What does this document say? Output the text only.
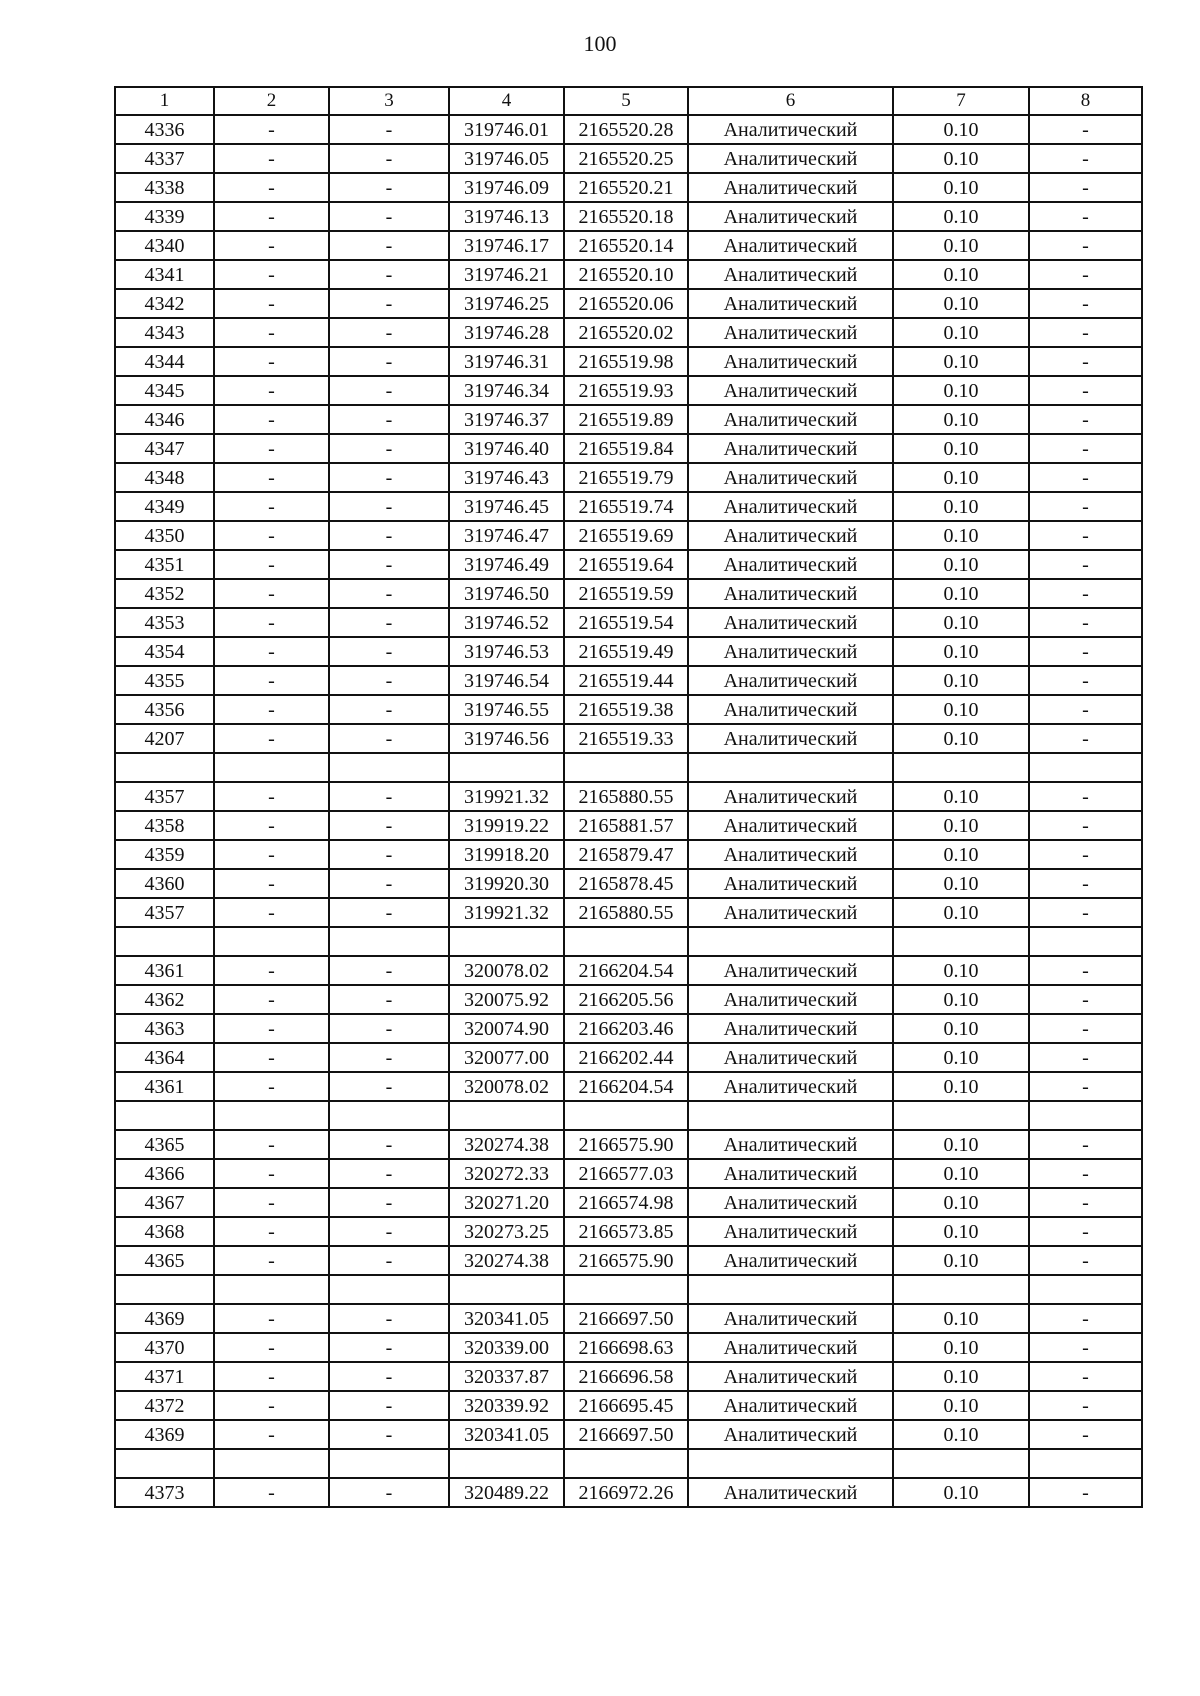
100
1	2	3	4	5	6	7	8
4336	-	-	319746.01	2165520.28	Аналитический	0.10	-
4337	-	-	319746.05	2165520.25	Аналитический	0.10	-
4338	-	-	319746.09	2165520.21	Аналитический	0.10	-
4339	-	-	319746.13	2165520.18	Аналитический	0.10	-
4340	-	-	319746.17	2165520.14	Аналитический	0.10	-
4341	-	-	319746.21	2165520.10	Аналитический	0.10	-
4342	-	-	319746.25	2165520.06	Аналитический	0.10	-
4343	-	-	319746.28	2165520.02	Аналитический	0.10	-
4344	-	-	319746.31	2165519.98	Аналитический	0.10	-
4345	-	-	319746.34	2165519.93	Аналитический	0.10	-
4346	-	-	319746.37	2165519.89	Аналитический	0.10	-
4347	-	-	319746.40	2165519.84	Аналитический	0.10	-
4348	-	-	319746.43	2165519.79	Аналитический	0.10	-
4349	-	-	319746.45	2165519.74	Аналитический	0.10	-
4350	-	-	319746.47	2165519.69	Аналитический	0.10	-
4351	-	-	319746.49	2165519.64	Аналитический	0.10	-
4352	-	-	319746.50	2165519.59	Аналитический	0.10	-
4353	-	-	319746.52	2165519.54	Аналитический	0.10	-
4354	-	-	319746.53	2165519.49	Аналитический	0.10	-
4355	-	-	319746.54	2165519.44	Аналитический	0.10	-
4356	-	-	319746.55	2165519.38	Аналитический	0.10	-
4207	-	-	319746.56	2165519.33	Аналитический	0.10	-

4357	-	-	319921.32	2165880.55	Аналитический	0.10	-
4358	-	-	319919.22	2165881.57	Аналитический	0.10	-
4359	-	-	319918.20	2165879.47	Аналитический	0.10	-
4360	-	-	319920.30	2165878.45	Аналитический	0.10	-
4357	-	-	319921.32	2165880.55	Аналитический	0.10	-

4361	-	-	320078.02	2166204.54	Аналитический	0.10	-
4362	-	-	320075.92	2166205.56	Аналитический	0.10	-
4363	-	-	320074.90	2166203.46	Аналитический	0.10	-
4364	-	-	320077.00	2166202.44	Аналитический	0.10	-
4361	-	-	320078.02	2166204.54	Аналитический	0.10	-

4365	-	-	320274.38	2166575.90	Аналитический	0.10	-
4366	-	-	320272.33	2166577.03	Аналитический	0.10	-
4367	-	-	320271.20	2166574.98	Аналитический	0.10	-
4368	-	-	320273.25	2166573.85	Аналитический	0.10	-
4365	-	-	320274.38	2166575.90	Аналитический	0.10	-

4369	-	-	320341.05	2166697.50	Аналитический	0.10	-
4370	-	-	320339.00	2166698.63	Аналитический	0.10	-
4371	-	-	320337.87	2166696.58	Аналитический	0.10	-
4372	-	-	320339.92	2166695.45	Аналитический	0.10	-
4369	-	-	320341.05	2166697.50	Аналитический	0.10	-

4373	-	-	320489.22	2166972.26	Аналитический	0.10	-
